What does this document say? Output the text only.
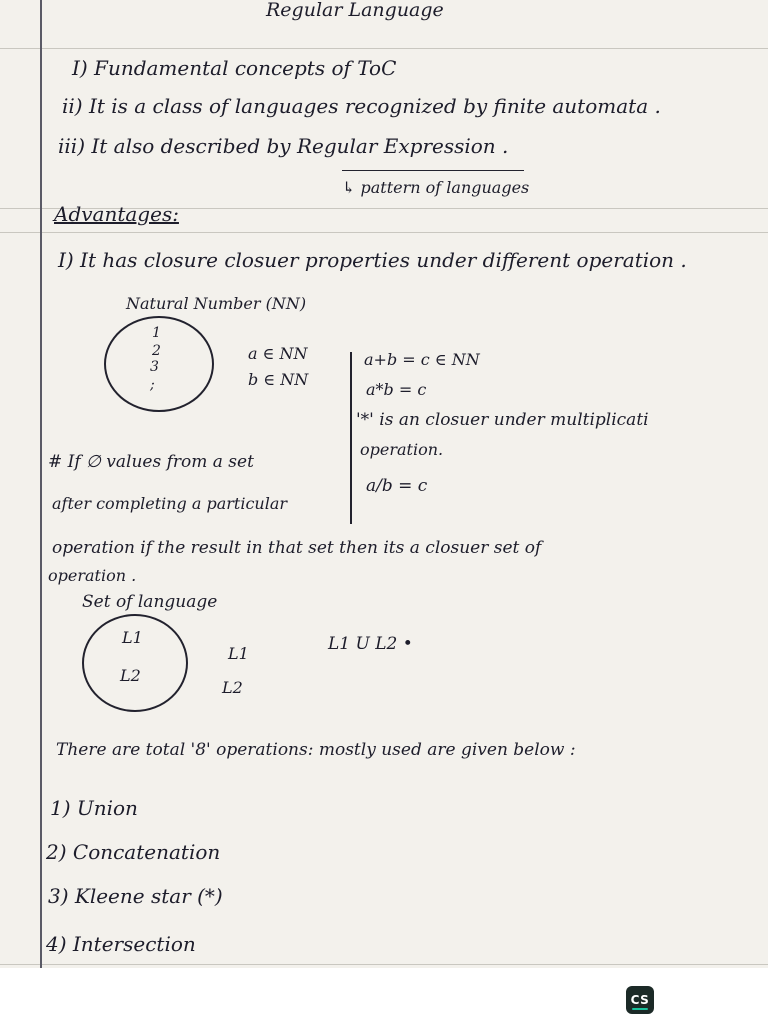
Regular Language
I) Fundamental concepts of ToC
ii) It is a class of languages recognized by finite automata .
iii) It also described by Regular Expression .
↳ pattern of languages
Advantages:
I) It has closure closuer properties under different operation .
Natural Number (NN)
1
2
3
;
a ∈ NN
b ∈ NN
a+b = c ∈ NN
a*b = c
'*' is an closuer under multiplicati
operation.
a/b = c
# If ∅ values from a set
after completing a particular
operation if the result in that set then its a closuer set of
operation .
Set of language
L1
L2
L1
L2
L1 U L2 •
There are total '8' operations: mostly used are given below :
1) Union
2) Concatenation
3) Kleene star (*)
4) Intersection
CS
